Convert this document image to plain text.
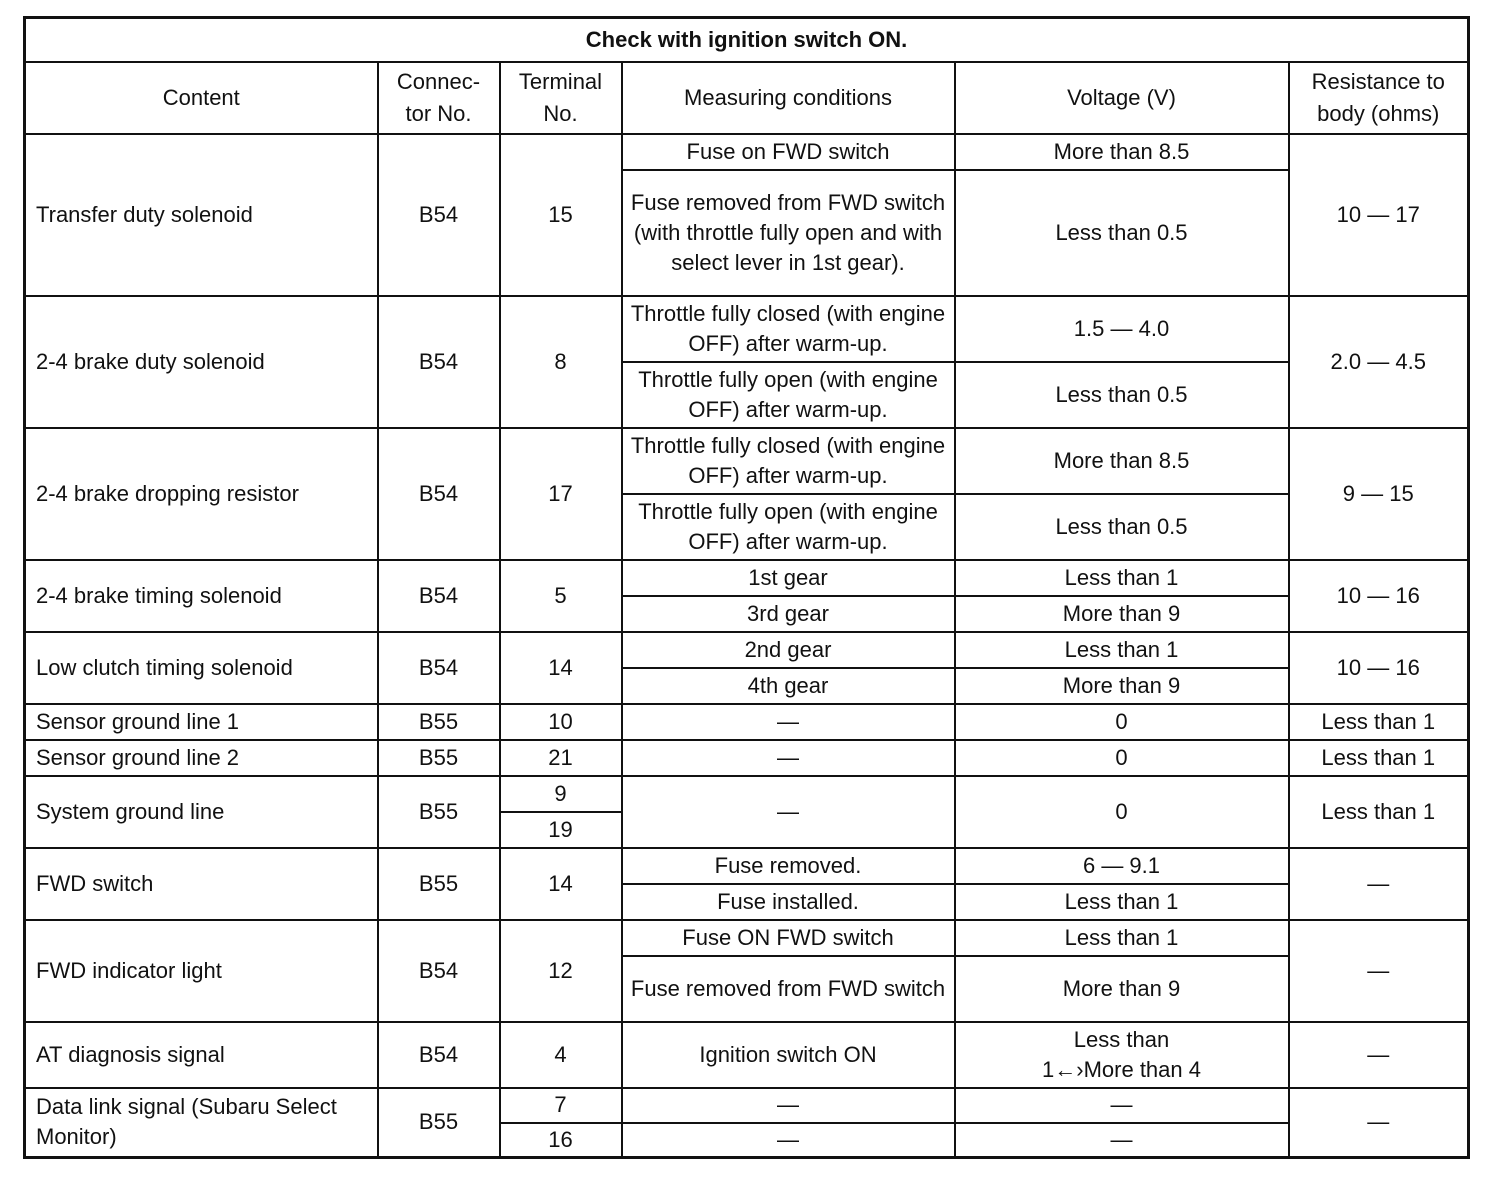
Check with ignition switch ON.					
Content	Connec-tor No.	Terminal No.	Measuring conditions	Voltage (V)	Resistance to body (ohms)
Transfer duty solenoid	B54	15	Fuse on FWD switch	More than 8.5	10 — 17
			Fuse removed from FWD switch (with throttle fully open and with select lever in 1st gear).	Less than 0.5	
2-4 brake duty solenoid	B54	8	Throttle fully closed (with engine OFF) after warm-up.	1.5 — 4.0	2.0 — 4.5
			Throttle fully open (with engine OFF) after warm-up.	Less than 0.5	
2-4 brake dropping resistor	B54	17	Throttle fully closed (with engine OFF) after warm-up.	More than 8.5	9 — 15
			Throttle fully open (with engine OFF) after warm-up.	Less than 0.5	
2-4 brake timing solenoid	B54	5	1st gear	Less than 1	10 — 16
			3rd gear	More than 9	
Low clutch timing solenoid	B54	14	2nd gear	Less than 1	10 — 16
			4th gear	More than 9	
Sensor ground line 1	B55	10	—	0	Less than 1
Sensor ground line 2	B55	21	—	0	Less than 1
System ground line	B55	9	—	0	Less than 1
		19			
FWD switch	B55	14	Fuse removed.	6 — 9.1	—
			Fuse installed.	Less than 1	
FWD indicator light	B54	12	Fuse ON FWD switch	Less than 1	—
			Fuse removed from FWD switch	More than 9	
AT diagnosis signal	B54	4	Ignition switch ON	Less than 1←›More than 4	—
Data link signal (Subaru Select Monitor)	B55	7	—	—	—
		16	—	—	
